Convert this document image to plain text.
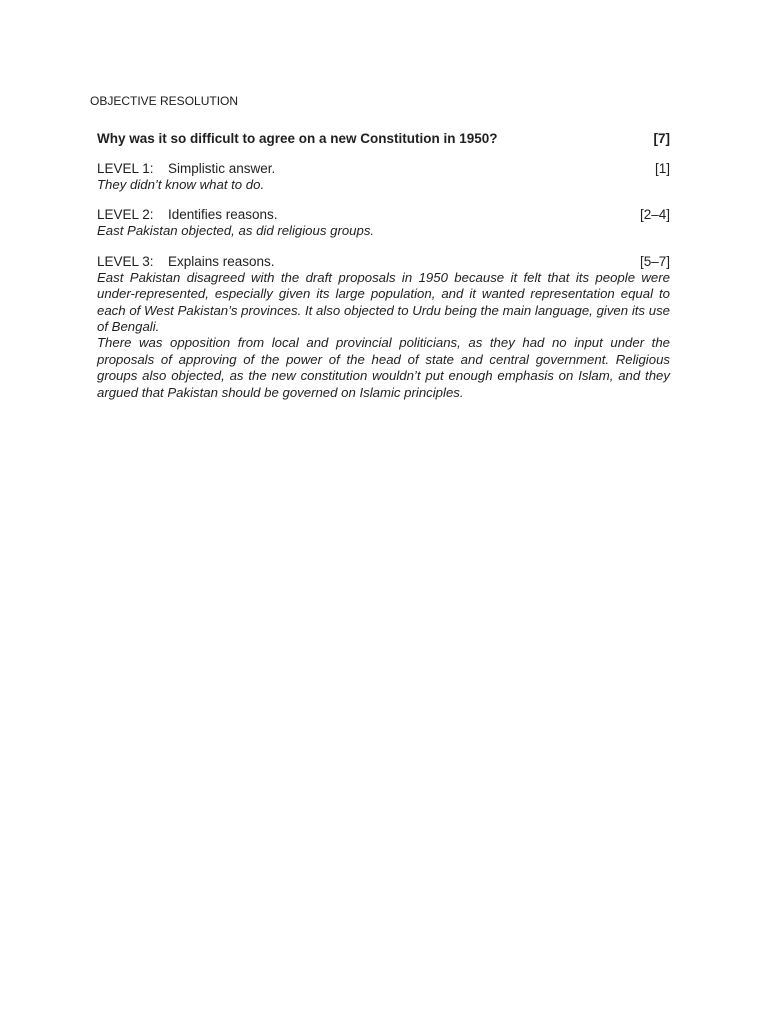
OBJECTIVE RESOLUTION
Why was it so difficult to agree on a new Constitution in 1950?	[7]
LEVEL 1: Simplistic answer.	[1]

They didn’t know what to do.

LEVEL 2: Identifies reasons.	[2–4]

East Pakistan objected, as did religious groups.

LEVEL 3: Explains reasons.	[5–7]

East Pakistan disagreed with the draft proposals in 1950 because it felt that its people were under-represented, especially given its large population, and it wanted representation equal to each of West Pakistan’s provinces. It also objected to Urdu being the main language, given its use of Bengali.

There was opposition from local and provincial politicians, as they had no input under the proposals of approving of the power of the head of state and central government. Religious groups also objected, as the new constitution wouldn’t put enough emphasis on Islam, and they argued that Pakistan should be governed on Islamic principles.
